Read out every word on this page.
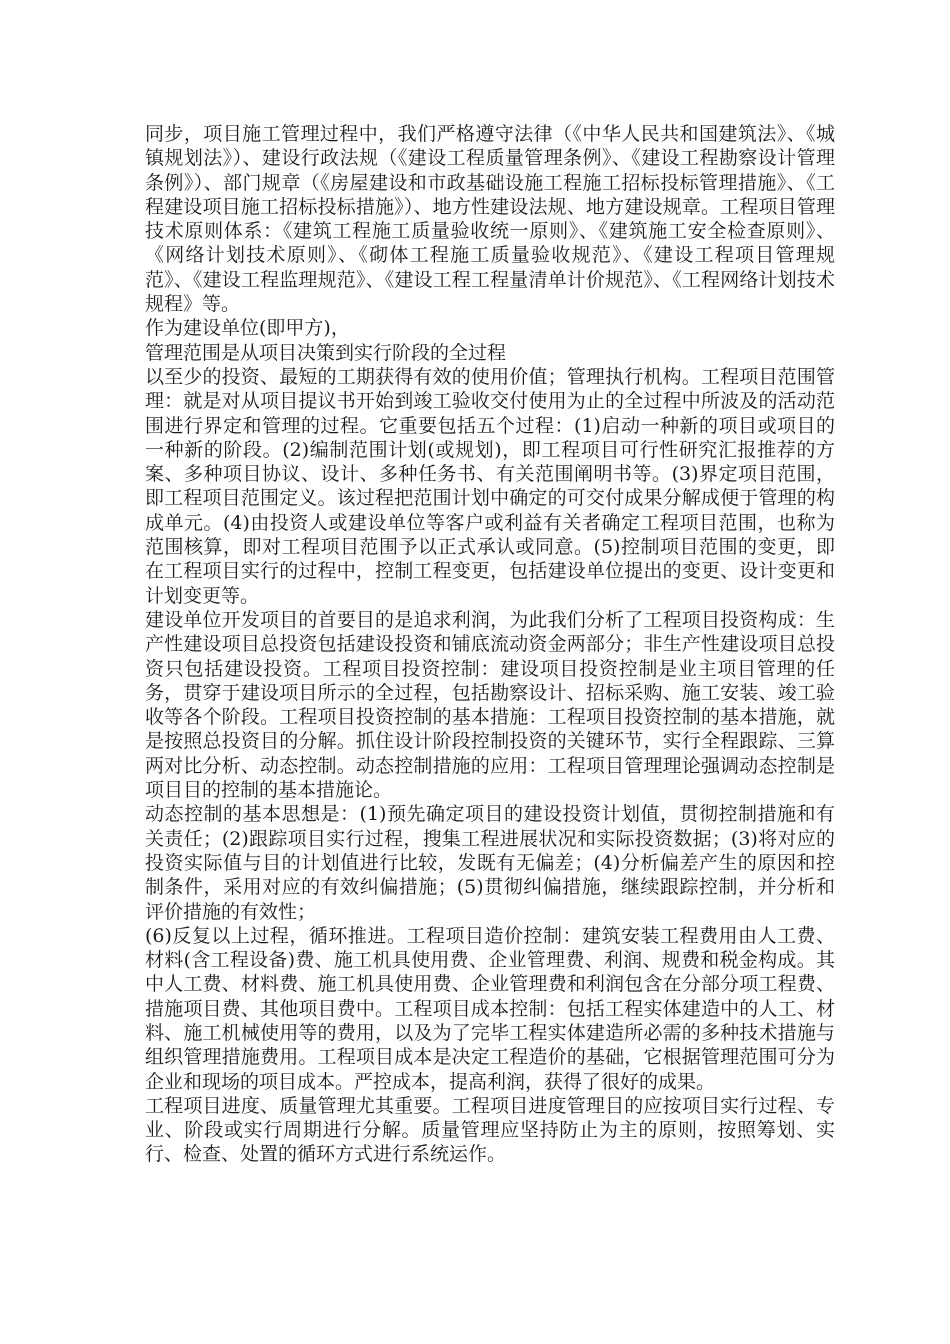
同步，项目施工管理过程中，我们严格遵守法律（《中华人民共和国建筑法》、《城镇规划法》）、建设行政法规（《建设工程质量管理条例》、《建设工程勘察设计管理条例》）、部门规章（《房屋建设和市政基础设施工程施工招标投标管理措施》、《工程建设项目施工招标投标措施》）、地方性建设法规、地方建设规章。工程项目管理技术原则体系：《建筑工程施工质量验收统一原则》、《建筑施工安全检查原则》、《网络计划技术原则》、《砌体工程施工质量验收规范》、《建设工程项目管理规范》、《建设工程监理规范》、《建设工程工程量清单计价规范》、《工程网络计划技术规程》等。

作为建设单位(即甲方)，

管理范围是从项目决策到实行阶段的全过程

以至少的投资、最短的工期获得有效的使用价值；管理执行机构。工程项目范围管理：就是对从项目提议书开始到竣工验收交付使用为止的全过程中所波及的活动范围进行界定和管理的过程。它重要包括五个过程：(1)启动一种新的项目或项目的一种新的阶段。(2)编制范围计划(或规划)，即工程项目可行性研究汇报推荐的方案、多种项目协议、设计、多种任务书、有关范围阐明书等。(3)界定项目范围，即工程项目范围定义。该过程把范围计划中确定的可交付成果分解成便于管理的构成单元。(4)由投资人或建设单位等客户或利益有关者确定工程项目范围，也称为范围核算，即对工程项目范围予以正式承认或同意。(5)控制项目范围的变更，即在工程项目实行的过程中，控制工程变更，包括建设单位提出的变更、设计变更和计划变更等。

建设单位开发项目的首要目的是追求利润，为此我们分析了工程项目投资构成：生产性建设项目总投资包括建设投资和铺底流动资金两部分；非生产性建设项目总投资只包括建设投资。工程项目投资控制：建设项目投资控制是业主项目管理的任务，贯穿于建设项目所示的全过程，包括勘察设计、招标采购、施工安装、竣工验收等各个阶段。工程项目投资控制的基本措施：工程项目投资控制的基本措施，就是按照总投资目的分解。抓住设计阶段控制投资的关键环节，实行全程跟踪、三算两对比分析、动态控制。动态控制措施的应用：工程项目管理理论强调动态控制是项目目的控制的基本措施论。

动态控制的基本思想是：(1)预先确定项目的建设投资计划值，贯彻控制措施和有关责任；(2)跟踪项目实行过程，搜集工程进展状况和实际投资数据；(3)将对应的投资实际值与目的计划值进行比较，发既有无偏差；(4)分析偏差产生的原因和控制条件，采用对应的有效纠偏措施；(5)贯彻纠偏措施，继续跟踪控制，并分析和评价措施的有效性；

(6)反复以上过程，循环推进。工程项目造价控制：建筑安装工程费用由人工费、材料(含工程设备)费、施工机具使用费、企业管理费、利润、规费和税金构成。其中人工费、材料费、施工机具使用费、企业管理费和利润包含在分部分项工程费、措施项目费、其他项目费中。工程项目成本控制：包括工程实体建造中的人工、材料、施工机械使用等的费用，以及为了完毕工程实体建造所必需的多种技术措施与组织管理措施费用。工程项目成本是决定工程造价的基础，它根据管理范围可分为企业和现场的项目成本。严控成本，提高利润，获得了很好的成果。

工程项目进度、质量管理尤其重要。工程项目进度管理目的应按项目实行过程、专业、阶段或实行周期进行分解。质量管理应坚持防止为主的原则，按照筹划、实行、检查、处置的循环方式进行系统运作。
